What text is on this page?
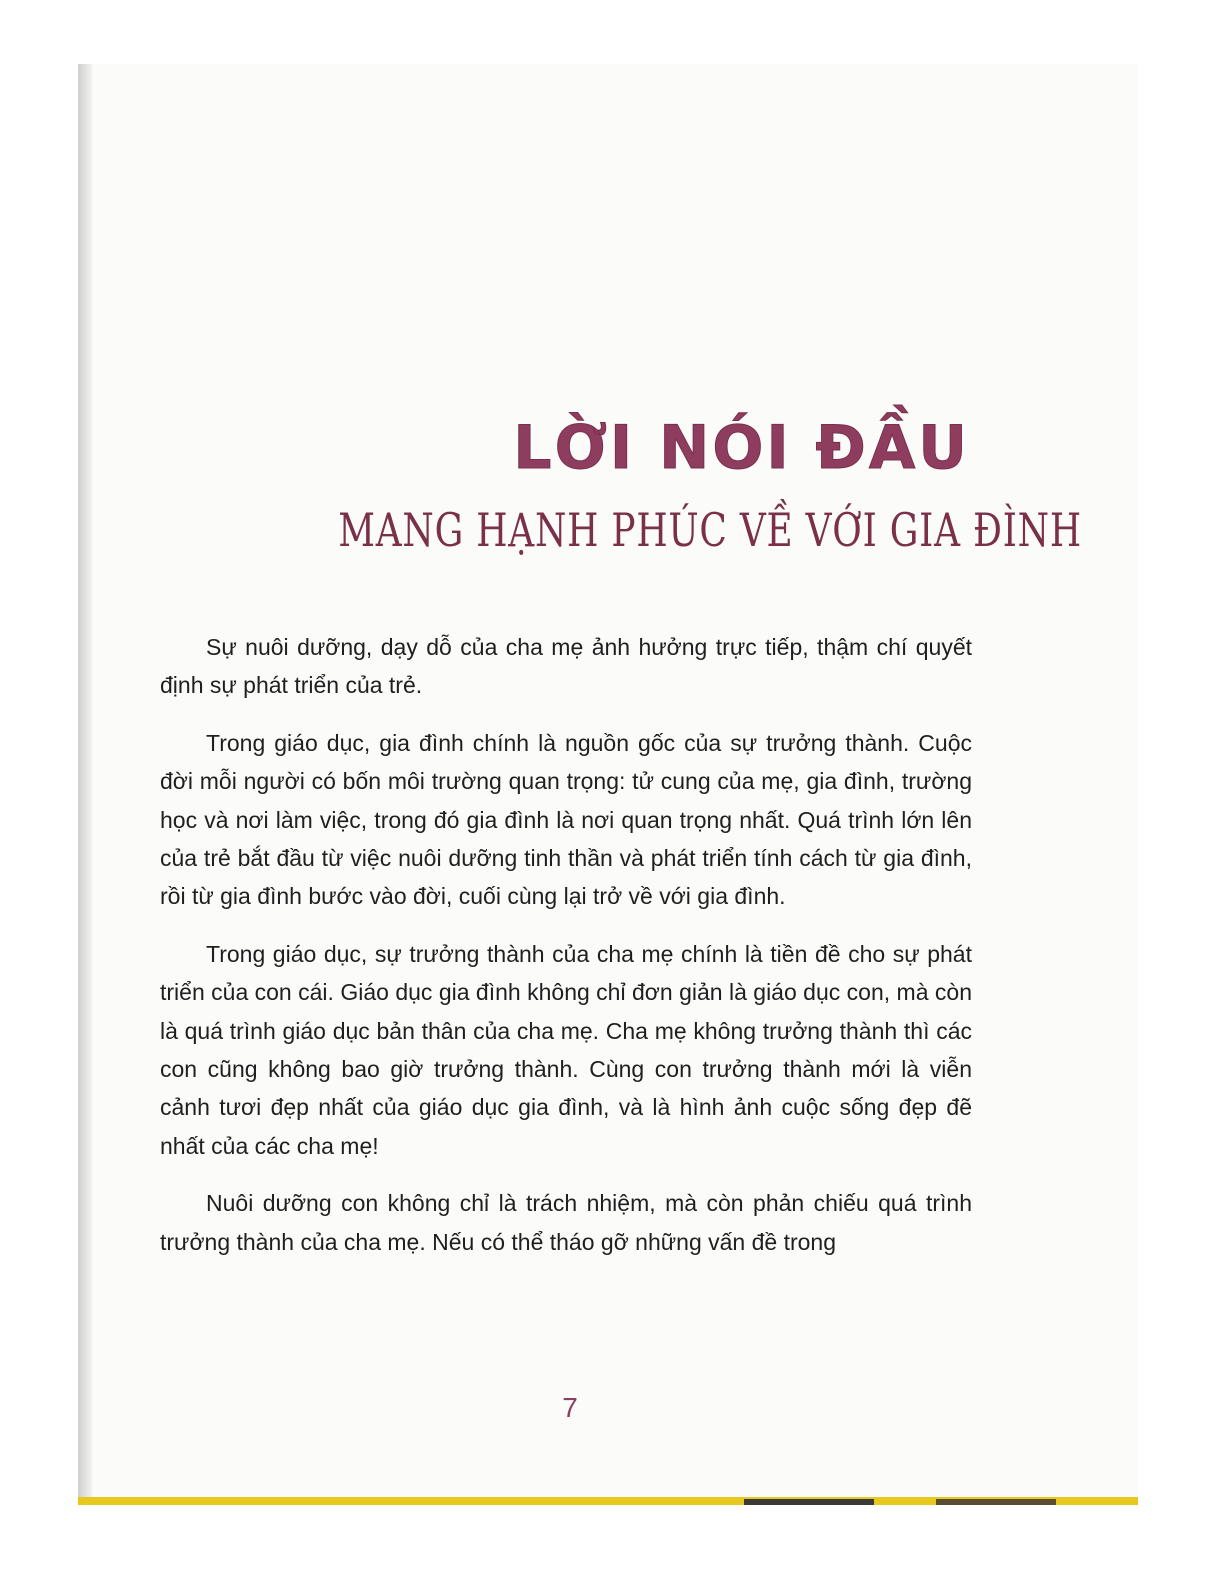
LỜI NÓI ĐẦU
MANG HẠNH PHÚC VỀ VỚI GIA ĐÌNH

Sự nuôi dưỡng, dạy dỗ của cha mẹ ảnh hưởng trực tiếp, thậm chí quyết định sự phát triển của trẻ.

Trong giáo dục, gia đình chính là nguồn gốc của sự trưởng thành. Cuộc đời mỗi người có bốn môi trường quan trọng: tử cung của mẹ, gia đình, trường học và nơi làm việc, trong đó gia đình là nơi quan trọng nhất. Quá trình lớn lên của trẻ bắt đầu từ việc nuôi dưỡng tinh thần và phát triển tính cách từ gia đình, rồi từ gia đình bước vào đời, cuối cùng lại trở về với gia đình.

Trong giáo dục, sự trưởng thành của cha mẹ chính là tiền đề cho sự phát triển của con cái. Giáo dục gia đình không chỉ đơn giản là giáo dục con, mà còn là quá trình giáo dục bản thân của cha mẹ. Cha mẹ không trưởng thành thì các con cũng không bao giờ trưởng thành. Cùng con trưởng thành mới là viễn cảnh tươi đẹp nhất của giáo dục gia đình, và là hình ảnh cuộc sống đẹp đẽ nhất của các cha mẹ!

Nuôi dưỡng con không chỉ là trách nhiệm, mà còn phản chiếu quá trình trưởng thành của cha mẹ. Nếu có thể tháo gỡ những vấn đề trong

7
